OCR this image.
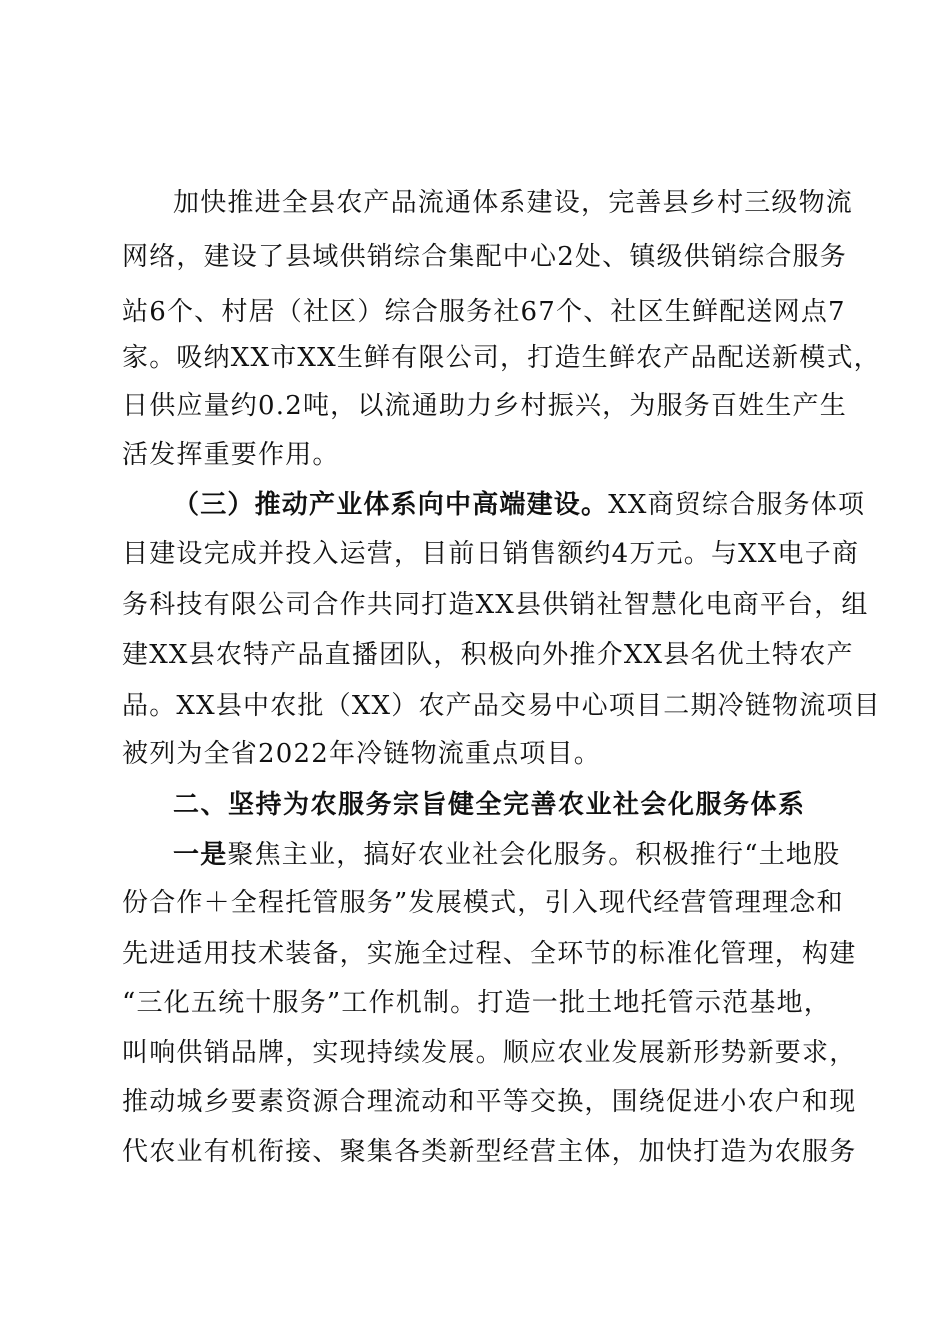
加快推进全县农产品流通体系建设，完善县乡村三级物流
网络，建设了县域供销综合集配中心2处、镇级供销综合服务
站6个、村居（社区）综合服务社67个、社区生鲜配送网点7
家。吸纳XX市XX生鲜有限公司，打造生鲜农产品配送新模式，
日供应量约0.2吨，以流通助力乡村振兴，为服务百姓生产生
活发挥重要作用。
（三）推动产业体系向中高端建设。XX商贸综合服务体项
目建设完成并投入运营，目前日销售额约4万元。与XX电子商
务科技有限公司合作共同打造XX县供销社智慧化电商平台，组
建XX县农特产品直播团队，积极向外推介XX县名优土特农产
品。XX县中农批（XX）农产品交易中心项目二期冷链物流项目
被列为全省2022年冷链物流重点项目。
二、坚持为农服务宗旨健全完善农业社会化服务体系
一是聚焦主业，搞好农业社会化服务。积极推行“土地股
份合作＋全程托管服务”发展模式，引入现代经营管理理念和
先进适用技术装备，实施全过程、全环节的标准化管理，构建
“三化五统十服务”工作机制。打造一批土地托管示范基地，
叫响供销品牌，实现持续发展。顺应农业发展新形势新要求，
推动城乡要素资源合理流动和平等交换，围绕促进小农户和现
代农业有机衔接、聚集各类新型经营主体，加快打造为农服务
